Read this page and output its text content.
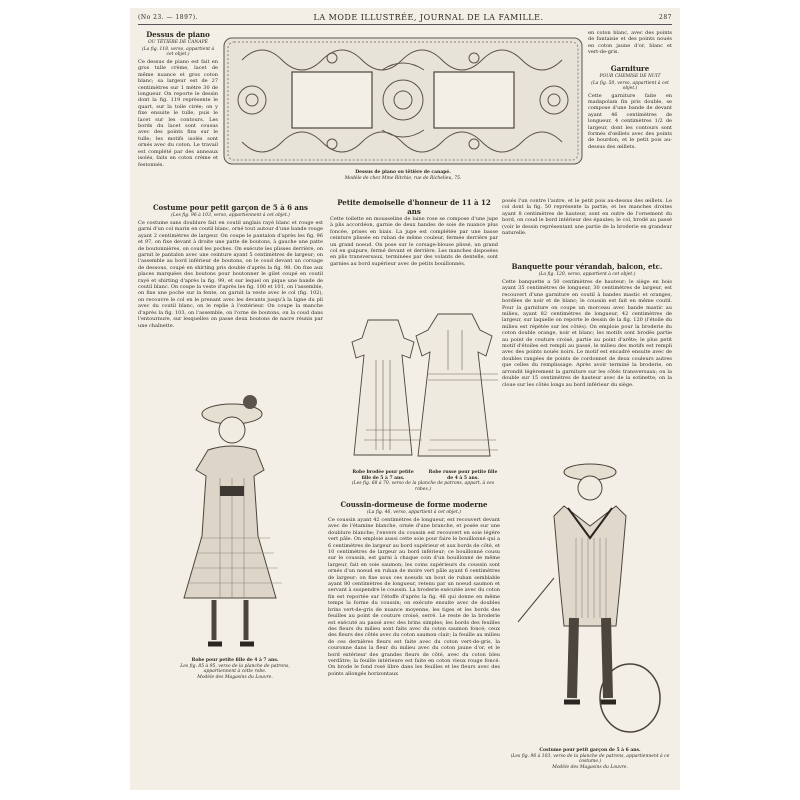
(No 23. — 1897).	LA MODE ILLUSTRÉE, JOURNAL DE LA FAMILLE.	287
Dessus de piano
OU TÊTIÈRE DE CANAPÉ
(La fig. 118, verso, appartient à cet objet.)

Ce dessus de piano est fait en gros tulle crème, lacet de même nuance et gros coton blanc; sa largeur est de 27 centimètres sur 1 mètre 30 de longueur. On reporte le dessin dont la fig. 119 représente le quart, sur la toile cirée; on y fixe ensuite le tulle, puis le lacet sur les contours. Les bords du lacet sont cousus avec des points fins sur le tulle; les motifs isolés sont ornés avec du coton. Le travail est complété par des anneaux isolés, faits en coton crème et festonnés.

Dessus de piano ou têtière de canapé.
Modèle de chez Mme Ritchie, rue de Richelieu, 75.

en coton blanc, avec des points de fantaisie et des points noués en coton jaune d'or, blanc et vert-de-gris.

Garniture
POUR CHEMISE DE NUIT
(La fig. 50, verso, appartient à cet objet.)

Cette garniture faite en madapolam fin pris double, se compose d'une bande de devant ayant 46 centimètres de longueur, 4 centimètres 1/2 de largeur, dont les contours sont formés d'œillets avec des points de bourdon, et le petit pois au-dessus des œillets.

Costume pour petit garçon de 5 à 6 ans
(Les fig. 96 à 103, verso, appartiennent à cet objet.)

Ce costume sans doublure fait en coutil anglais rayé blanc et rouge est garni d'un col marin en coutil blanc, orné tout autour d'une bande rouge ayant 2 centimètres de largeur. On coupe le pantalon d'après les fig. 96 et 97, on fixe devant à droite une patte de boutons, à gauche une patte de boutonnières, on coud les poches. On exécute les plisses derrière, on garnit le pantalon avec une ceinture ayant 5 centimètres de largeur; on l'assemble au bord inférieur de boutons, on le coud devant un corsage de dessous, coupé en shirting pris double d'après la fig. 98. On fixe aux places marquées des boutons pour boutonner le gilet coupé en coutil rayé et shirting d'après la fig. 99, et sur lequel on pique une bande de coutil blanc. On coupe la veste d'après les fig. 100 et 101, on l'assemble, on fixe une poche sur la fente, on garnit la veste avec le col (fig. 102), on recouvre le col en le prenant avec les devants jusqu'à la ligne du pli avec du coutil blanc, on le replie à l'extérieur. On coupe la manche d'après la fig. 103, on l'assemble, on l'orne de boutons, on la coud dans l'entournure, sur lesquelles on passe deux boutons de nacre réunis par une chaînette.

Petite demoiselle d'honneur de 11 à 12 ans

Cette toilette en mousseline de laine rose se compose d'une jupe à plis accordéon, garnie de deux bandes de soie de nuance plus foncée, prises en biais. La jupe est complétée par une basse ceinture plissée en ruban de même couleur, fermée derrière par un grand noeud. On pose sur le corsage-blouse plissé, un grand col en guipure, fermé devant et derrière. Les manches disposées en plis transversaux, terminées par des volants de dentelle, sont garnies au bord supérieur avec de petits bouillonnés.

posés l'un contre l'autre, et le petit pois au-dessus des œillets. Le col dont la fig. 50 représente la partie, et les manches droites ayant 8 centimètres de hauteur, sont en outre de l'ornement du bord, on coud le bord intérieur des épaules; le col, brodé au passé (voir le dessin représentant une partie de la broderie en grandeur naturelle.

Banquette pour vérandah, balcon, etc.
(La fig. 120, verso, appartient à cet objet.)

Cette banquette a 50 centimètres de hauteur; le siège en bois ayant 35 centimètres de longueur, 30 centimètres de largeur, est recouvert d'une garniture en coutil à bandes mastic et oranges, bordées de noir et de blanc; le coussin est fait en même coutil. Pour la garniture on coupe un morceau avec bande mastic au milieu, ayant 82 centimètres de longueur, 42 centimètres de largeur, sur laquelle on reporte le dessin de la fig. 120 (l'étoile du milieu est répétée sur les côtés). On emploie pour la broderie du coton double orange, noir et blanc; les motifs sont brodés partie au point de couture croisé, partie au point d'arête; le plus petit motif d'étoiles est rempli au passé, le milieu des motifs est rempli avec des points noués noirs. Le motif est encadré ensuite avec de doubles rangées de points de cordonnet de deux couleurs autres que celles du remplissage. Après avoir terminé la broderie, on arrondit légèrement la garniture sur les côtés transversaux; on la double sur 15 centimètres de hauteur avec de la sotinette; on la cloue sur les côtés longs au bord inférieur du siège.

Robe brodée pour petite fille de 5 à 7 ans.
Robe russe pour petite fille de 4 à 5 ans.
(Les fig. 68 à 70, verso de la planche de patrons, appart. à ces robes.)
Robe pour petite fille de 4 à 7 ans.
Les fig. 85 à 95, verso de la planche de patrons, appartiennent à cette robe.
Modèle des Magasins du Louvre.
Coussin-dormeuse de forme moderne
(La fig. 46, verso, appartient à cet objet.)

Ce coussin ayant 42 centimètres de longueur, est recouvert devant avec de l'étamine blanche, ornée d'une branche, et posée sur une doublure blanche; l'envers du coussin est recouvert en soie légère vert pâle. On emploie aussi cette soie pour faire le bouillonné qui a 6 centimètres de largeur au bord supérieur et aux bords de côté, et 10 centimètres de largeur au bord inférieur; ce bouillonné cousu sur le coussin, est garni à chaque coin d'un bouillonné de même largeur, fait en soie saumon; les coins supérieurs du coussin sont ornés d'un noeud en ruban de moire vert pâle ayant 6 centimètres de largeur; on fixe sous ces noeuds un bout de ruban semblable ayant 80 centimètres de longueur, retenu par un noeud saumon et servant à suspendre le coussin. La broderie exécutée avec du coton fin est reportée sur l'étoffe d'après la fig. 46 qui donne en même temps la forme du coussin; on exécute ensuite avec de doubles brins vert-de-gris de nuance moyenne, les tiges et les bords des feuilles au point de couture croisé, serré. Le reste de la broderie est exécuté au passé avec des brins simples; les bords des feuilles des fleurs du milieu sont faits avec du coton saumon foncé; ceux des fleurs des côtés avec du coton saumon clair; la feuille au milieu de ces dernières fleurs est faite avec du coton vert-de-gris, la couronne dans la fleur du milieu avec du coton jaune d'or, et le bord extérieur des grandes fleurs de côté, avec du coton bleu verdâtre; la feuille intérieure est faite en coton vieux rouge foncé. On brode le fond rosé libre dans les feuilles et les fleurs avec des points allongés horizontaux

Costume pour petit garçon de 5 à 6 ans.
(Les fig. 96 à 103, verso de la planche de patrons, appartiennent à ce costume.)
Modèle des Magasins du Louvre.
